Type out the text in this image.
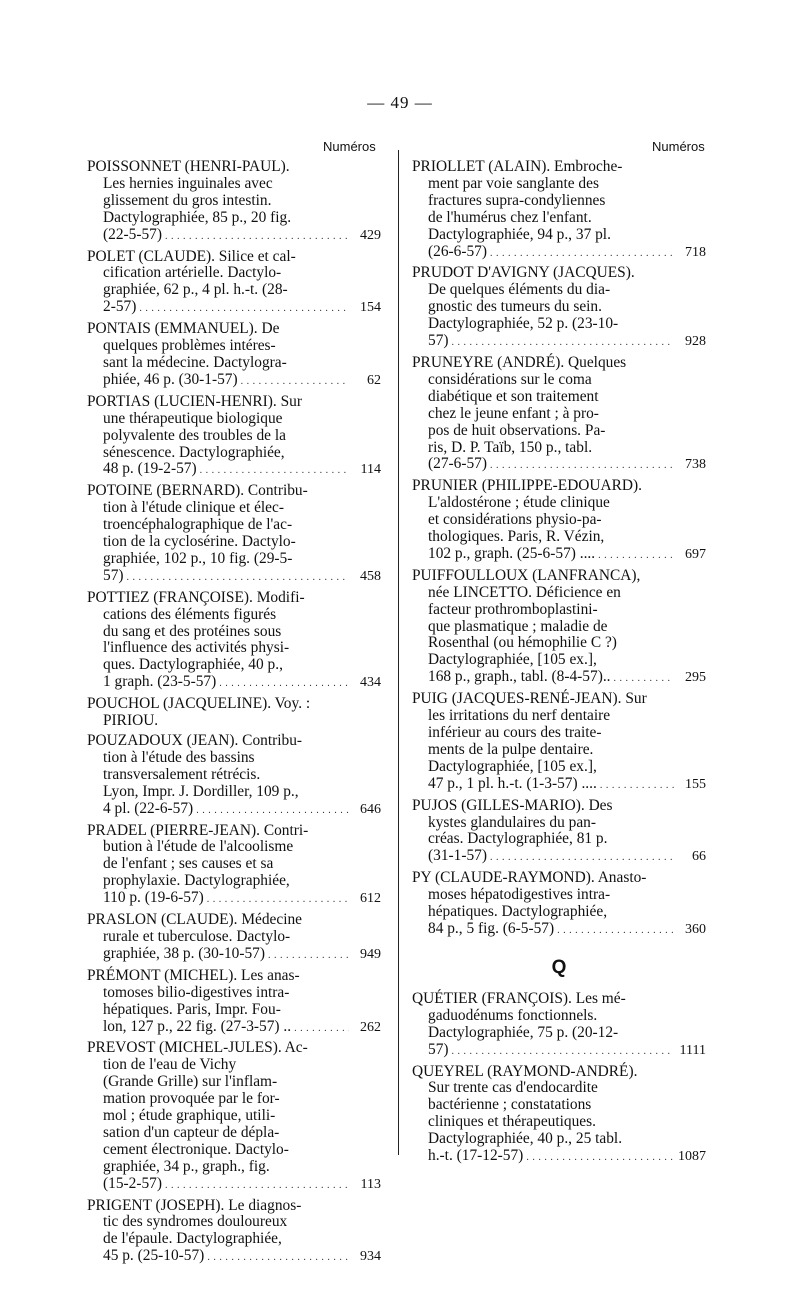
— 49 —
Numéros	Numéros
POISSONNET (HENRI-PAUL).
Les hernies inguinales avec
glissement du gros intestin.
Dactylographiée, 85 p., 20 fig.
(22-5-57) . . .	429
POLET (CLAUDE). Silice et cal-
cification artérielle. Dactylo-
graphiée, 62 p., 4 pl. h.-t. (28-
2-57) . . .	154
PONTAIS (EMMANUEL). De
quelques problèmes intéres-
sant la médecine. Dactylogra-
phiée, 46 p. (30-1-57) . . .	62
PORTIAS (LUCIEN-HENRI). Sur
une thérapeutique biologique
polyvalente des troubles de la
sénescence. Dactylographiée,
48 p. (19-2-57) . . .	114
POTOINE (BERNARD). Contribu-
tion à l'étude clinique et élec-
troencéphalographique de l'ac-
tion de la cyclosérine. Dactylo-
graphiée, 102 p., 10 fig. (29-5-
57) . . .	458
POTTIEZ (FRANÇOISE). Modifi-
cations des éléments figurés
du sang et des protéines sous
l'influence des activités physi-
ques. Dactylographiée, 40 p.,
1 graph. (23-5-57) . . .	434
POUCHOL (JACQUELINE). Voy. :
PIRIOU.
POUZADOUX (JEAN). Contribu-
tion à l'étude des bassins
transversalement rétrécis.
Lyon, Impr. J. Dordiller, 109 p.,
4 pl. (22-6-57) . . .	646
PRADEL (PIERRE-JEAN). Contri-
bution à l'étude de l'alcoolisme
de l'enfant ; ses causes et sa
prophylaxie. Dactylographiée,
110 p. (19-6-57) . . .	612
PRASLON (CLAUDE). Médecine
rurale et tuberculose. Dactylo-
graphiée, 38 p. (30-10-57) . . .	949
PRÉMONT (MICHEL). Les anas-
tomoses bilio-digestives intra-
hépatiques. Paris, Impr. Fou-
lon, 127 p., 22 fig. (27-3-57) .. . . .	262
PREVOST (MICHEL-JULES). Ac-
tion de l'eau de Vichy
(Grande Grille) sur l'inflam-
mation provoquée par le for-
mol ; étude graphique, utili-
sation d'un capteur de dépla-
cement électronique. Dactylo-
graphiée, 34 p., graph., fig.
(15-2-57) . . .	113
PRIGENT (JOSEPH). Le diagnos-
tic des syndromes douloureux
de l'épaule. Dactylographiée,
45 p. (25-10-57) . . .	934
PRIOLLET (ALAIN). Embroche-
ment par voie sanglante des
fractures supra-condyliennes
de l'humérus chez l'enfant.
Dactylographiée, 94 p., 37 pl.
(26-6-57) . . .	718
PRUDOT D'AVIGNY (JACQUES).
De quelques éléments du dia-
gnostic des tumeurs du sein.
Dactylographiée, 52 p. (23-10-
57) . . .	928
PRUNEYRE (ANDRÉ). Quelques
considérations sur le coma
diabétique et son traitement
chez le jeune enfant ; à pro-
pos de huit observations. Pa-
ris, D. P. Taïb, 150 p., tabl.
(27-6-57) . . .	738
PRUNIER (PHILIPPE-EDOUARD).
L'aldostérone ; étude clinique
et considérations physio-pa-
thologiques. Paris, R. Vézin,
102 p., graph. (25-6-57) .... . . .	697
PUIFFOULLOUX (LANFRANCA),
née LINCETTO. Déficience en
facteur prothromboplastini-
que plasmatique ; maladie de
Rosenthal (ou hémophilie C ?)
Dactylographiée, [105 ex.],
168 p., graph., tabl. (8-4-57).. . . .	295
PUIG (JACQUES-RENÉ-JEAN). Sur
les irritations du nerf dentaire
inférieur au cours des traite-
ments de la pulpe dentaire.
Dactylographiée, [105 ex.],
47 p., 1 pl. h.-t. (1-3-57) .... . . .	155
PUJOS (GILLES-MARIO). Des
kystes glandulaires du pan-
créas. Dactylographiée, 81 p.
(31-1-57) . . .	66
PY (CLAUDE-RAYMOND). Anasto-
moses hépatodigestives intra-
hépatiques. Dactylographiée,
84 p., 5 fig. (6-5-57) . . .	360
Q
QUÉTIER (FRANÇOIS). Les mé-
gaduodénums fonctionnels.
Dactylographiée, 75 p. (20-12-
57) . . .	1111
QUEYREL (RAYMOND-ANDRÉ).
Sur trente cas d'endocardite
bactérienne ; constatations
cliniques et thérapeutiques.
Dactylographiée, 40 p., 25 tabl.
h.-t. (17-12-57) . . .	1087
